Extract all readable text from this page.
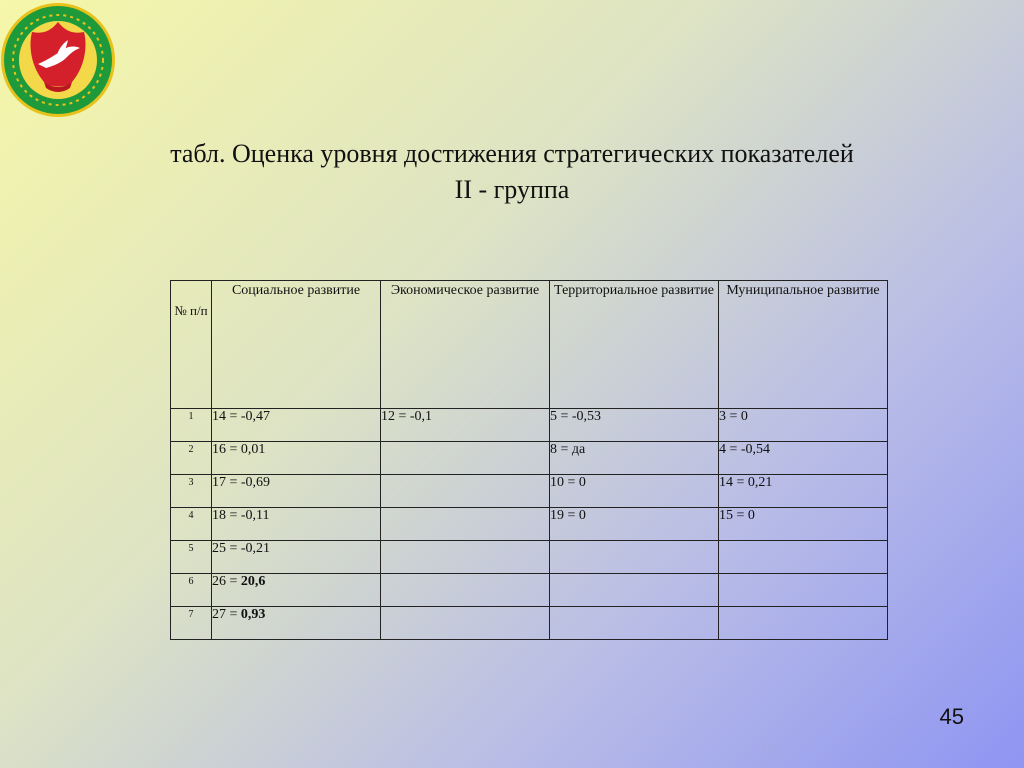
табл. Оценка уровня достижения стратегических показателей
II - группа
№ п/п	Социальное развитие	Экономическое развитие	Территориальное развитие	Муниципальное развитие
1	14 = -0,47	12 = -0,1	5 = -0,53	3 = 0
2	16 = 0,01		8 = да	4 = -0,54
3	17 = -0,69		10 = 0	14 = 0,21
4	18 = -0,11		19 = 0	15 = 0
5	25 = -0,21			
6	26 = 20,6			
7	27 = 0,93			
45
45
